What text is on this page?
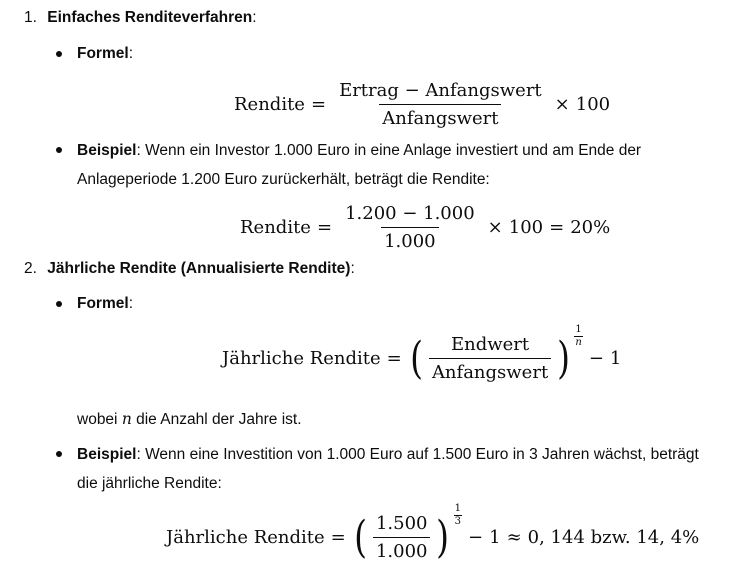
1. Einfaches Renditeverfahren:
Formel:
Rendite = $\frac{\text{Ertrag − Anfangswert}}{\text{Anfangswert}} \times 100$
Beispiel: Wenn ein Investor 1.000 Euro in eine Anlage investiert und am Ende der
Anlageperiode 1.200 Euro zurückerhält, beträgt die Rendite:
Rendite = $\frac{1.200 - 1.000}{1.000} \times 100 = 20\%$
2. Jährliche Rendite (Annualisierte Rendite):
Formel:
Jährliche Rendite = ( $\frac{\text{Endwert}}{\text{Anfangswert}}$ ) $\frac{1}{n}$
− 1
wobei n die Anzahl der Jahre ist.
Beispiel: Wenn eine Investition von 1.000 Euro auf 1.500 Euro in 3 Jahren wächst, beträgt
die jährliche Rendite:
Jährliche Rendite = ( $\frac{1.500}{1.000}$ ) $\frac{1}{3}$
− 1 ≈ 0, 144 bzw. 14, 4%
